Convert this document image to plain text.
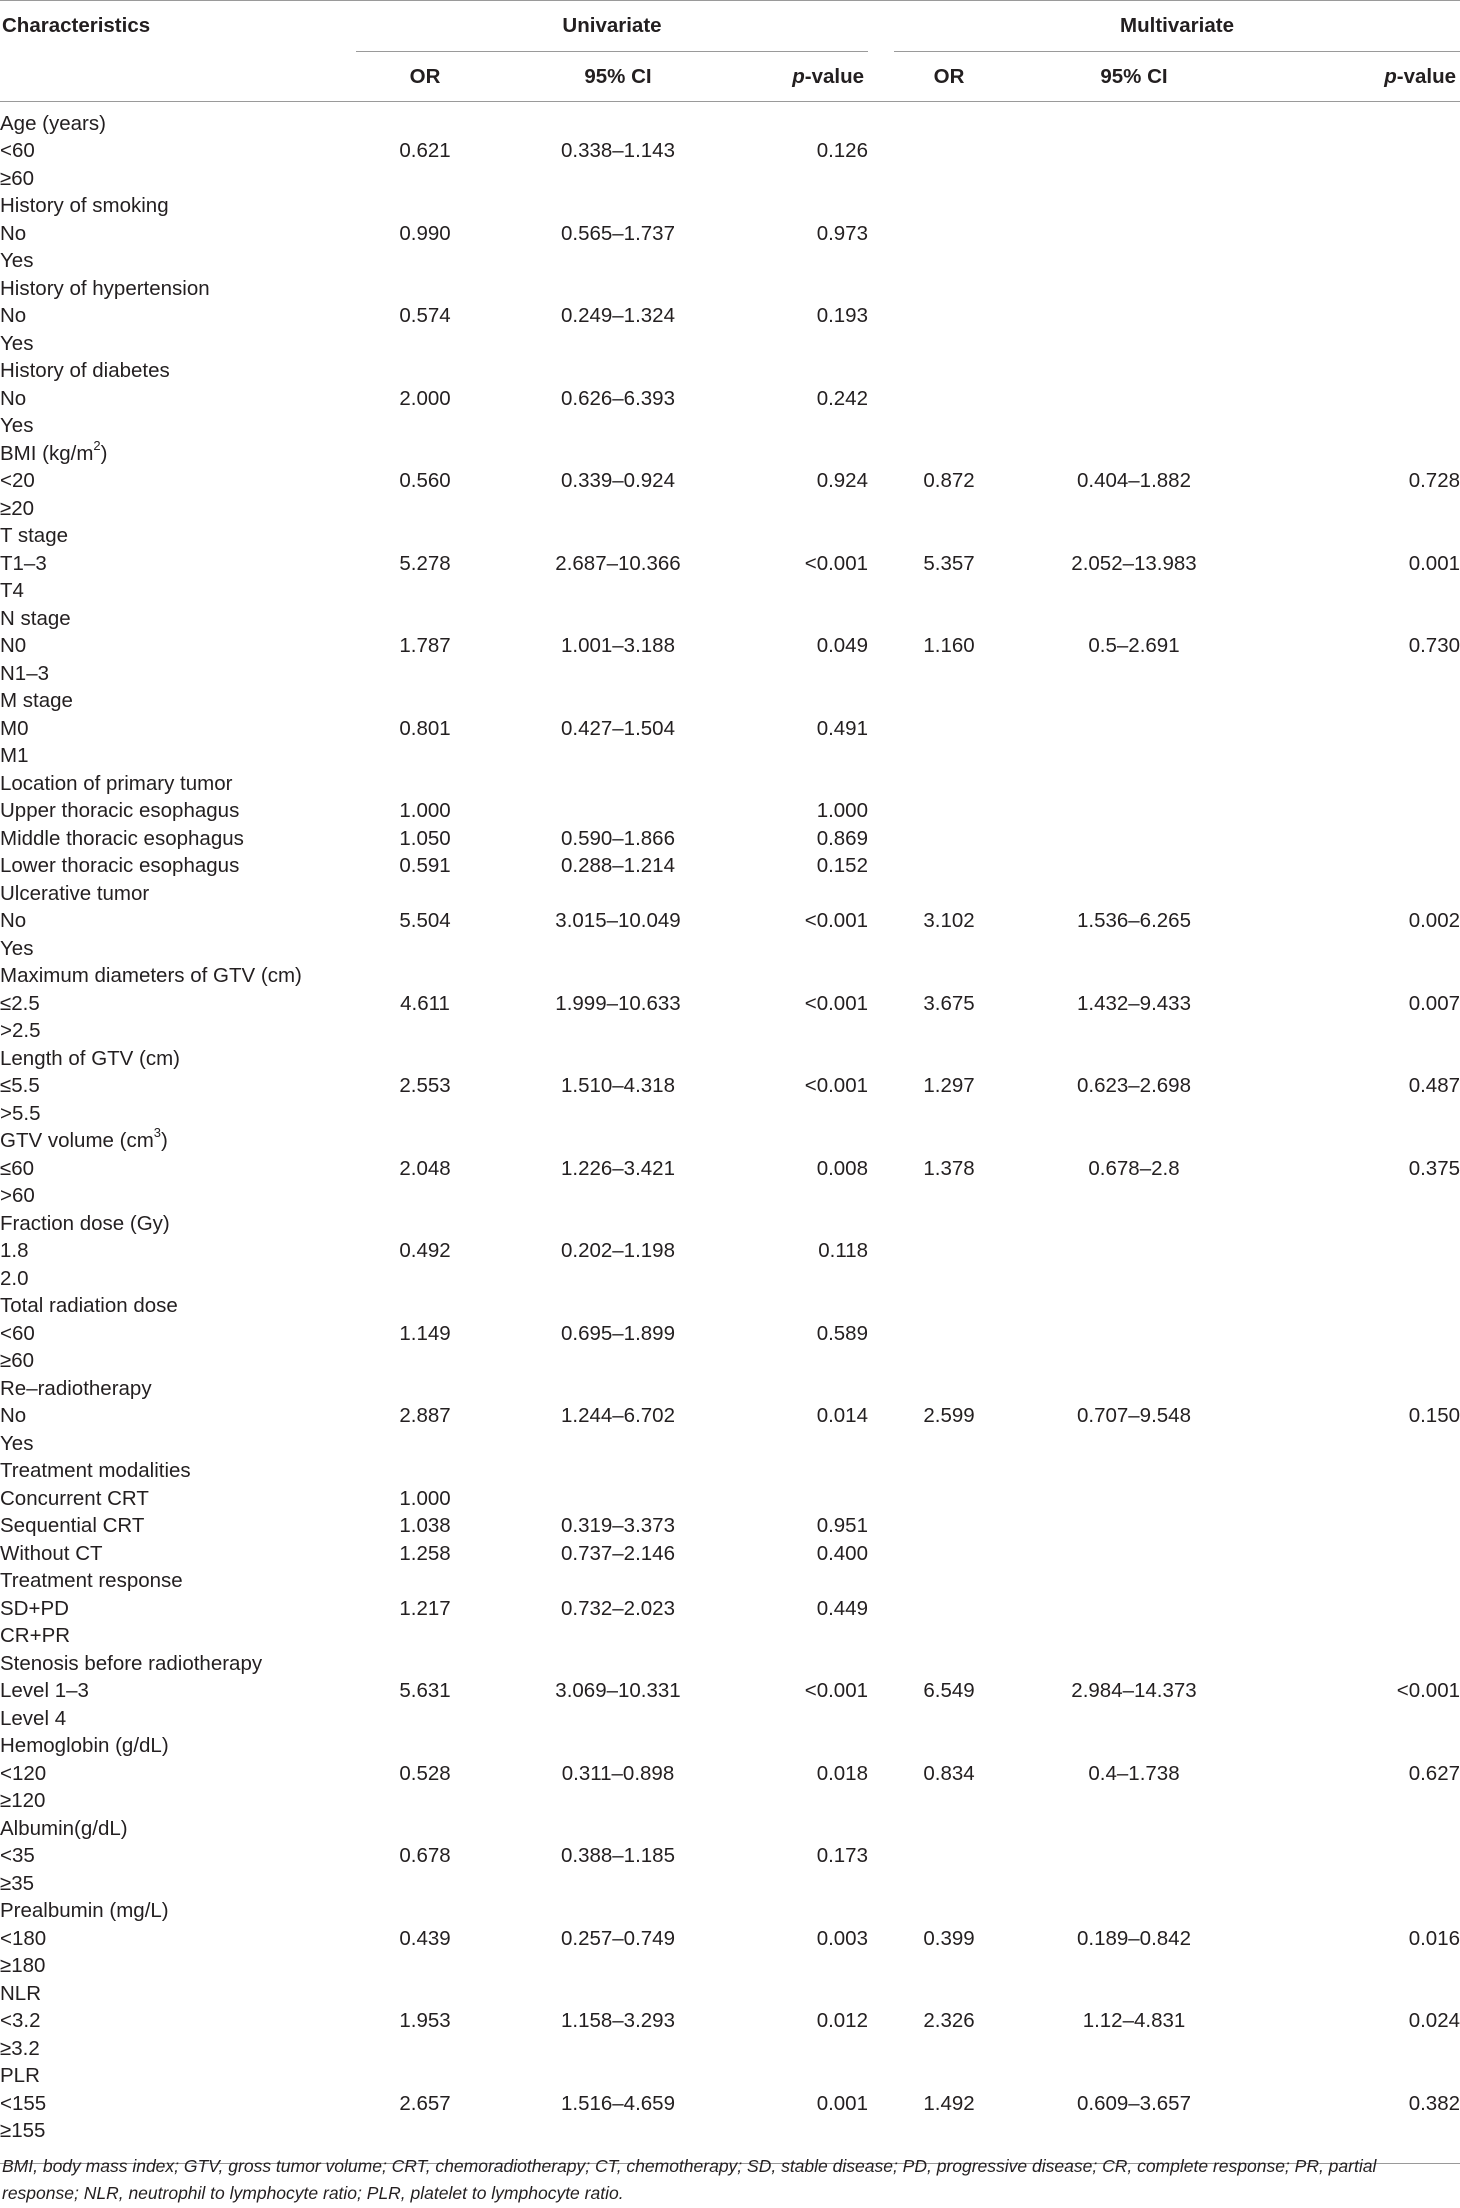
Characteristics	Univariate				Multivariate		
	OR	95% CI	p-value		OR	95% CI	p-value

Age (years)							
<60	0.621	0.338–1.143	0.126				
≥60							
History of smoking							
No	0.990	0.565–1.737	0.973				
Yes							
History of hypertension							
No	0.574	0.249–1.324	0.193				
Yes							
History of diabetes							
No	2.000	0.626–6.393	0.242				
Yes							
BMI $(kg/m^2)$							
<20	0.560	0.339–0.924	0.924		0.872	0.404–1.882	0.728
≥20							
T stage							
T1–3	5.278	2.687–10.366	<0.001		5.357	2.052–13.983	0.001
T4							
N stage							
N0	1.787	1.001–3.188	0.049		1.160	0.5–2.691	0.730
N1–3							
M stage							
M0	0.801	0.427–1.504	0.491				
M1							
Location of primary tumor							
Upper thoracic esophagus	1.000		1.000				
Middle thoracic esophagus	1.050	0.590–1.866	0.869				
Lower thoracic esophagus	0.591	0.288–1.214	0.152				
Ulcerative tumor							
No	5.504	3.015–10.049	<0.001		3.102	1.536–6.265	0.002
Yes							
Maximum diameters of GTV (cm)							
≤2.5	4.611	1.999–10.633	<0.001		3.675	1.432–9.433	0.007
>2.5							
Length of GTV (cm)							
≤5.5	2.553	1.510–4.318	<0.001		1.297	0.623–2.698	0.487
>5.5							
GTV volume $(cm^3)$							
≤60	2.048	1.226–3.421	0.008		1.378	0.678–2.8	0.375
>60							
Fraction dose (Gy)							
1.8	0.492	0.202–1.198	0.118				
2.0							
Total radiation dose							
<60	1.149	0.695–1.899	0.589				
≥60							
Re–radiotherapy							
No	2.887	1.244–6.702	0.014		2.599	0.707–9.548	0.150
Yes							
Treatment modalities							
Concurrent CRT	1.000						
Sequential CRT	1.038	0.319–3.373	0.951				
Without CT	1.258	0.737–2.146	0.400				
Treatment response							
SD+PD	1.217	0.732–2.023	0.449				
CR+PR							
Stenosis before radiotherapy							
Level 1–3	5.631	3.069–10.331	<0.001		6.549	2.984–14.373	<0.001
Level 4							
Hemoglobin (g/dL)							
<120	0.528	0.311–0.898	0.018		0.834	0.4–1.738	0.627
≥120							
Albumin(g/dL)							
<35	0.678	0.388–1.185	0.173				
≥35							
Prealbumin (mg/L)							
<180	0.439	0.257–0.749	0.003		0.399	0.189–0.842	0.016
≥180							
NLR							
<3.2	1.953	1.158–3.293	0.012		2.326	1.12–4.831	0.024
≥3.2							
PLR							
<155	2.657	1.516–4.659	0.001		1.492	0.609–3.657	0.382
≥155							

BMI, body mass index; GTV, gross tumor volume; CRT, chemoradiotherapy; CT, chemotherapy; SD, stable disease; PD, progressive disease; CR, complete response; PR, partial response; NLR, neutrophil to lymphocyte ratio; PLR, platelet to lymphocyte ratio.
